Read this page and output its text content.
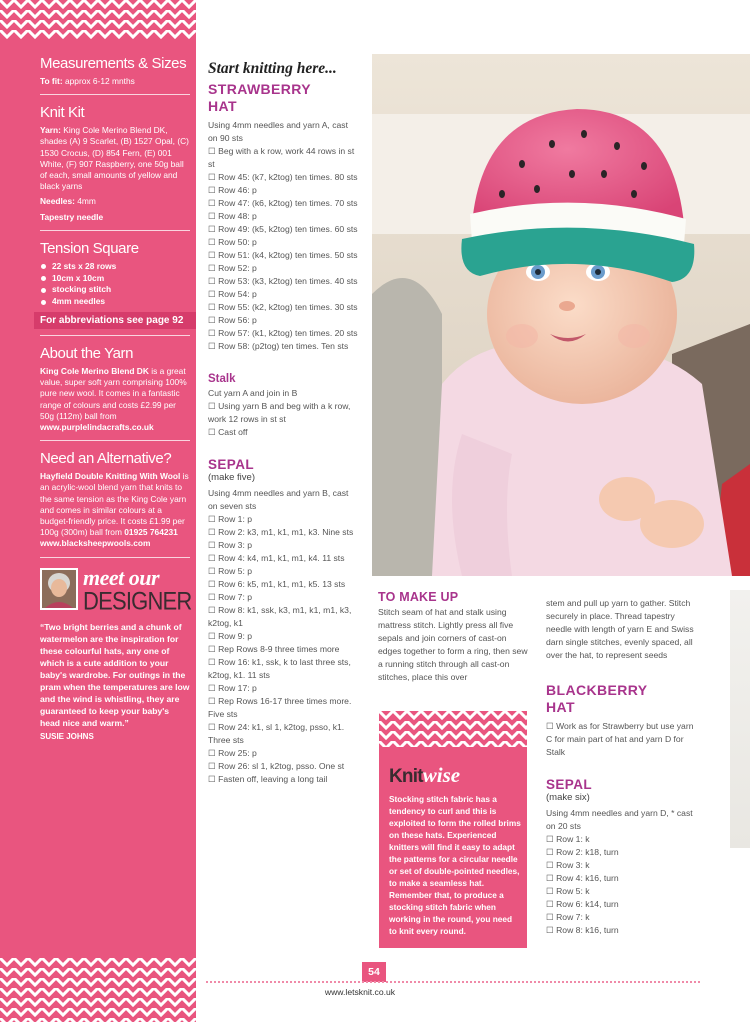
Measurements & Sizes
To fit: approx 6-12 mnths
Knit Kit
Yarn: King Cole Merino Blend DK, shades (A) 9 Scarlet, (B) 1527 Opal, (C) 1530 Crocus, (D) 854 Fern, (E) 001 White, (F) 907 Raspberry, one 50g ball of each, small amounts of yellow and black yarns
Needles: 4mm
Tapestry needle
Tension Square
22 sts x 28 rows
10cm x 10cm
stocking stitch
4mm needles
For abbreviations see page 92
About the Yarn
King Cole Merino Blend DK is a great value, super soft yarn comprising 100% pure new wool. It comes in a fantastic range of colours and costs £2.99 per 50g (112m) ball from www.purplelindacrafts.co.uk
Need an Alternative?
Hayfield Double Knitting With Wool is an acrylic-wool blend yarn that knits to the same tension as the King Cole yarn and comes in similar colours at a budget-friendly price. It costs £1.99 per 100g (300m) ball from 01925 764231
www.blacksheepwools.com
meet our
DESIGNER
“Two bright berries and a chunk of watermelon are the inspiration for these colourful hats, any one of which is a cute addition to your baby's wardrobe. For outings in the pram when the temperatures are low and the wind is whistling, they are guaranteed to keep your baby's head nice and warm.”
SUSIE JOHNS
Start knitting here...
STRAWBERRY
HAT
Using 4mm needles and yarn A, cast on 90 sts
☐ Beg with a k row, work 44 rows in st st
☐ Row 45: (k7, k2tog) ten times. 80 sts
☐ Row 46: p
☐ Row 47: (k6, k2tog) ten times. 70 sts
☐ Row 48: p
☐ Row 49: (k5, k2tog) ten times. 60 sts
☐ Row 50: p
☐ Row 51: (k4, k2tog) ten times. 50 sts
☐ Row 52: p
☐ Row 53: (k3, k2tog) ten times. 40 sts
☐ Row 54: p
☐ Row 55: (k2, k2tog) ten times. 30 sts
☐ Row 56: p
☐ Row 57: (k1, k2tog) ten times. 20 sts
☐ Row 58: (p2tog) ten times. Ten sts
Stalk
Cut yarn A and join in B
☐ Using yarn B and beg with a k row, work 12 rows in st st
☐ Cast off
SEPAL
(make five)
Using 4mm needles and yarn B, cast on seven sts
☐ Row 1: p
☐ Row 2: k3, m1, k1, m1, k3. Nine sts
☐ Row 3: p
☐ Row 4: k4, m1, k1, m1, k4. 11 sts
☐ Row 5: p
☐ Row 6: k5, m1, k1, m1, k5. 13 sts
☐ Row 7: p
☐ Row 8: k1, ssk, k3, m1, k1, m1, k3, k2tog, k1
☐ Row 9: p
☐ Rep Rows 8-9 three times more
☐ Row 16: k1, ssk, k to last three sts, k2tog, k1. 11 sts
☐ Row 17: p
☐ Rep Rows 16-17 three times more. Five sts
☐ Row 24: k1, sl 1, k2tog, psso, k1. Three sts
☐ Row 25: p
☐ Row 26: sl 1, k2tog, psso. One st
☐ Fasten off, leaving a long tail
TO MAKE UP
Stitch seam of hat and stalk using mattress stitch. Lightly press all five sepals and join corners of cast-on edges together to form a ring, then sew a running stitch through all cast-on stitches, place this over
Knitwise
Stocking stitch fabric has a tendency to curl and this is exploited to form the rolled brims on these hats. Experienced knitters will find it easy to adapt the patterns for a circular needle or set of double-pointed needles, to make a seamless hat. Remember that, to produce a stocking stitch fabric when working in the round, you need to knit every round.
stem and pull up yarn to gather. Stitch securely in place. Thread tapestry needle with length of yarn E and Swiss darn single stitches, evenly spaced, all over the hat, to represent seeds
BLACKBERRY
HAT
☐ Work as for Strawberry but use yarn C for main part of hat and yarn D for Stalk
SEPAL
(make six)
Using 4mm needles and yarn D, * cast on 20 sts
☐ Row 1: k
☐ Row 2: k18, turn
☐ Row 3: k
☐ Row 4: k16, turn
☐ Row 5: k
☐ Row 6: k14, turn
☐ Row 7: k
☐ Row 8: k16, turn
54
www.letsknit.co.uk
